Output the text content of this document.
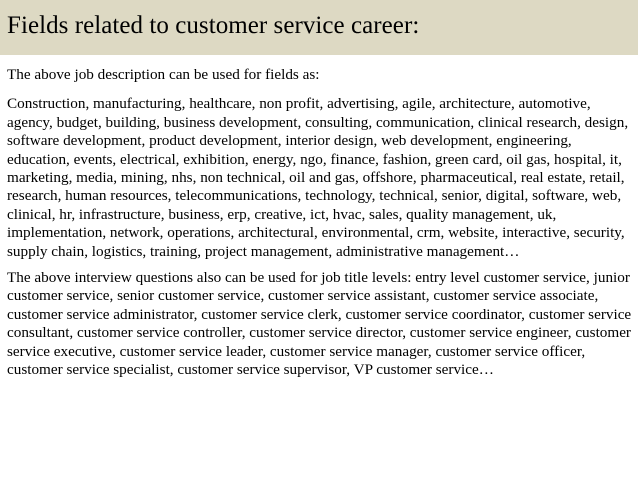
Fields related to customer service career:

The above job description can be used for fields as:

Construction, manufacturing, healthcare, non profit, advertising, agile, architecture, automotive, agency, budget, building, business development, consulting, communication, clinical research, design, software development, product development, interior design, web development, engineering, education, events, electrical, exhibition, energy, ngo, finance, fashion, green card, oil gas, hospital, it, marketing, media, mining, nhs, non technical, oil and gas, offshore, pharmaceutical, real estate, retail, research, human resources, telecommunications, technology, technical, senior, digital, software, web, clinical, hr, infrastructure, business, erp, creative, ict, hvac, sales, quality management, uk, implementation, network, operations, architectural, environmental, crm, website, interactive, security, supply chain, logistics, training, project management, administrative management…

The above interview questions also can be used for job title levels: entry level customer service, junior customer service, senior customer service, customer service assistant, customer service associate, customer service administrator, customer service clerk, customer service coordinator, customer service consultant, customer service controller, customer service director, customer service engineer, customer service executive, customer service leader, customer service manager, customer service officer, customer service specialist, customer service supervisor, VP customer service…
